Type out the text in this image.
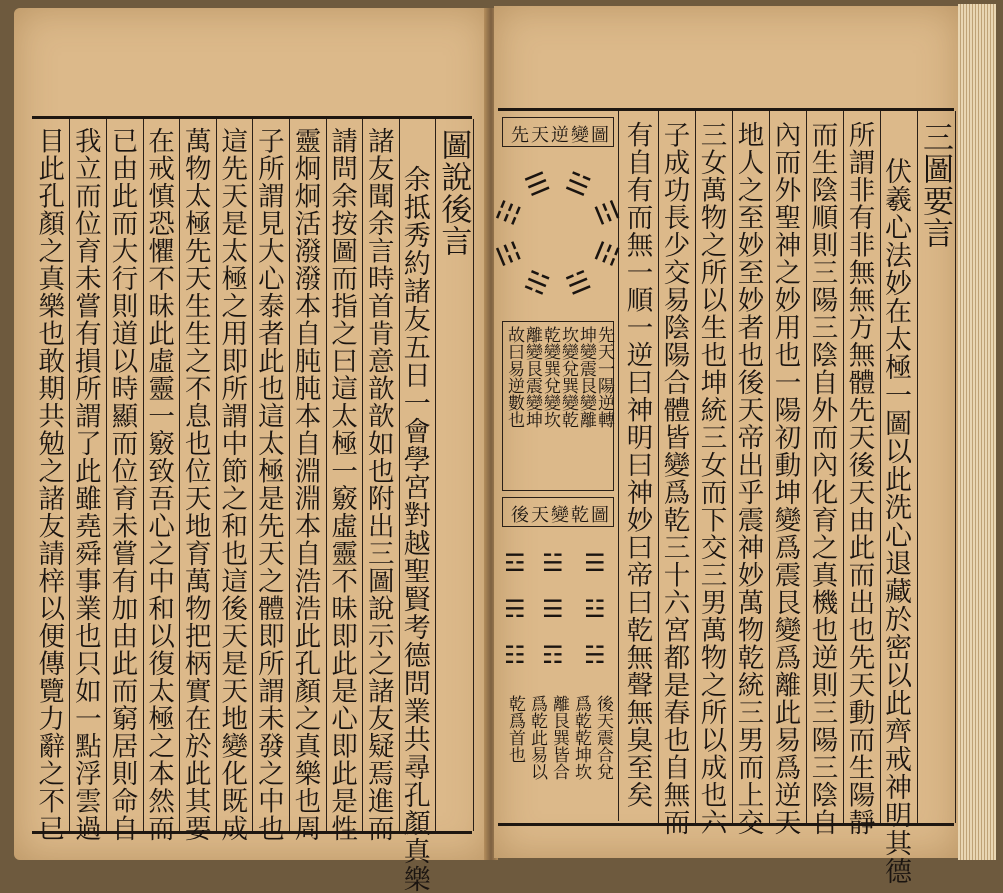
圖說後言
余抵秀約諸友五日一會學宮對越聖賢考德問業共尋孔顏真樂
諸友聞余言時首肯意歆歆如也附出三圖說示之諸友疑焉進而
請問余按圖而指之曰這太極一竅虛靈不昧即此是心即此是性
靈炯炯活潑潑本自肫肫本自淵淵本自浩浩此孔顏之真樂也周
子所謂見大心泰者此也這太極是先天之體即所謂未發之中也
這先天是太極之用即所謂中節之和也這後天是天地變化既成
萬物太極先天生生之不息也位天地育萬物把柄實在於此其要
在戒慎恐懼不昧此虛靈一竅致吾心之中和以復太極之本然而
已由此而大行則道以時顯而位育未嘗有加由此而窮居則命自
我立而位育未嘗有損所謂了此雖堯舜事業也只如一點浮雲過
目此孔顏之真樂也敢期共勉之諸友請梓以便傳覽力辭之不已	三圖要言
伏羲心法妙在太極一圖以此洗心退藏於密以此齊戒神明其德
所謂非有非無無方無體先天後天由此而出也先天動而生陽靜
而生陰順則三陽三陰自外而內化育之真機也逆則三陽三陰自
內而外聖神之妙用也一陽初動坤變爲震艮變爲離此易爲逆天
地人之至妙至妙者也後天帝出乎震神妙萬物乾統三男而上交
三女萬物之所以生也坤統三女而下交三男萬物之所以成也六
子成功長少交易陰陽合體皆變爲乾三十六宮都是春也自無而
有自有而無一順一逆曰神明曰神妙曰帝曰乾無聲無臭至矣
先天逆變圖
☰ ☱
☲
☳
☴
☵
☶
☷
先天一陽逆轉
坤變震艮變離
坎變兌巽變乾
乾變巽兌變坎
離變艮震變坤
故曰易逆數也
後天變乾圖
☰
☱
☲
☳
☴
☵
☶
☷
☰
後天震合兌
爲乾乾坤坎
離艮巽皆合
爲乾此易以
乾爲首也
